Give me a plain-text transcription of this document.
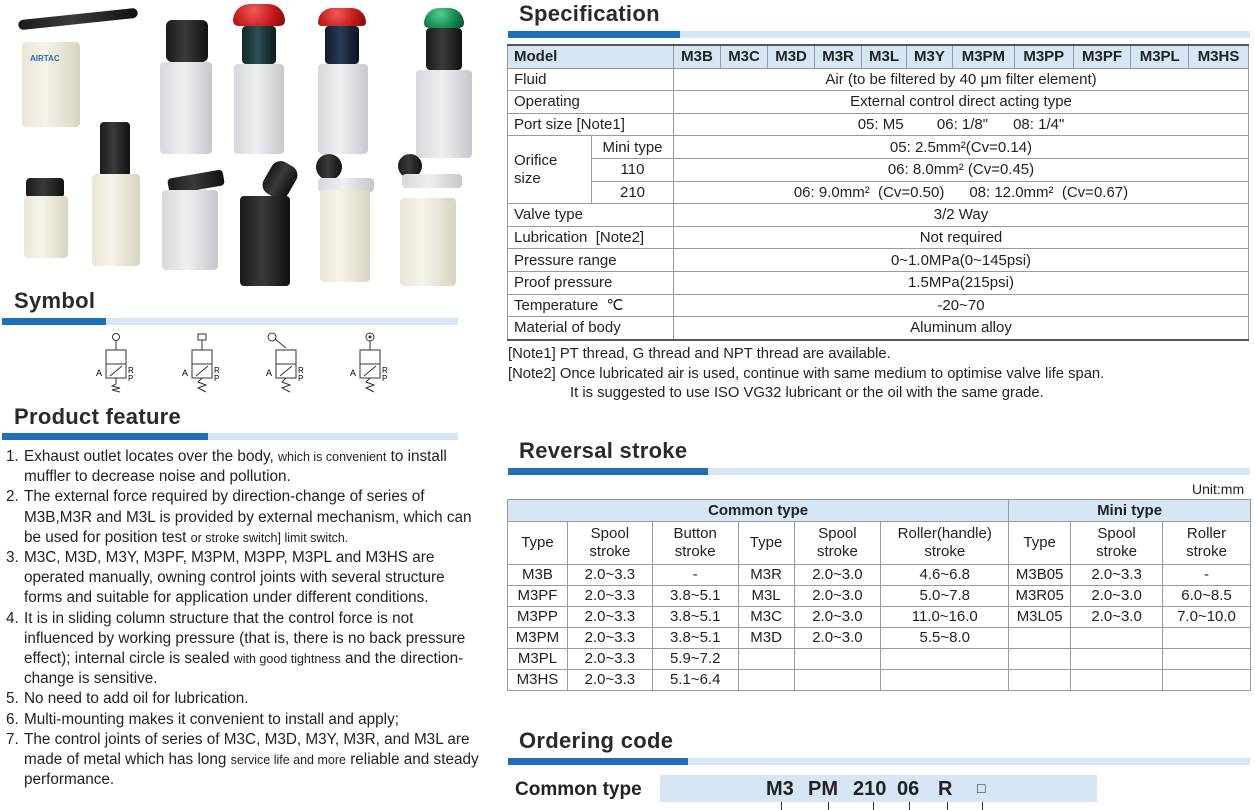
AIRTAC
Symbol
A	R
P
A	R
P
A	R
P
A	R
P
Product feature
1. Exhaust outlet locates over the body, which is convenient to install muffler to decrease noise and pollution.
2. The external force required by direction-change of series of M3B,M3R and M3L is provided by external mechanism, which can be used for position test or stroke switch] limit switch.
3. M3C, M3D, M3Y, M3PF, M3PM, M3PP, M3PL and M3HS are operated manually, owning control joints with several structure forms and suitable for application under different conditions.
4. It is in sliding column structure that the control force is not influenced by working pressure (that is, there is no back pressure effect); internal circle is sealed with good tightness and the direction-change is sensitive.
5. No need to add oil for lubrication.
6. Multi-mounting makes it convenient to install and apply;
7. The control joints of series of M3C, M3D, M3Y, M3R, and M3L are made of metal which has long service life and more reliable and steady performance.
Specification
Model		M3B	M3C	M3D	M3R	M3L	M3Y	M3PM	M3PP	M3PF	M3PL	M3HS
Fluid		Air (to be filtered by 40 μm filter element)										
Operating		External control direct acting type										
Port size [Note1]		05: M5        06: 1/8"      08: 1/4"										
Orifice
size	Mini type	05: 2.5mm²(Cv=0.14)										
	110	06: 8.0mm² (Cv=0.45)										
	210	06: 9.0mm²  (Cv=0.50)      08: 12.0mm²  (Cv=0.67)										
Valve type		3/2 Way										
Lubrication  [Note2]		Not required										
Pressure range		0~1.0MPa(0~145psi)										
Proof pressure		1.5MPa(215psi)										
Temperature  ℃		-20~70										
Material of body		Aluminum alloy										
[Note1] PT thread, G thread and NPT thread are available.
[Note2] Once lubricated air is used, continue with same medium to optimise valve life span.
It is suggested to use ISO VG32 lubricant or the oil with the same grade.
Reversal stroke
Unit:mm
Common type						Mini type		
Type	Spool stroke	Button stroke	Type	Spool stroke	Roller(handle) stroke	Type	Spool stroke	Roller stroke
M3B	2.0~3.3	-	M3R	2.0~3.0	4.6~6.8	M3B05	2.0~3.3	-
M3PF	2.0~3.3	3.8~5.1	M3L	2.0~3.0	5.0~7.8	M3R05	2.0~3.0	6.0~8.5
M3PP	2.0~3.3	3.8~5.1	M3C	2.0~3.0	11.0~16.0	M3L05	2.0~3.0	7.0~10.0
M3PM	2.0~3.3	3.8~5.1	M3D	2.0~3.0	5.5~8.0			
M3PL	2.0~3.3	5.9~7.2						
M3HS	2.0~3.3	5.1~6.4						
Ordering code
Common type	M3 PM 210 06 R □
